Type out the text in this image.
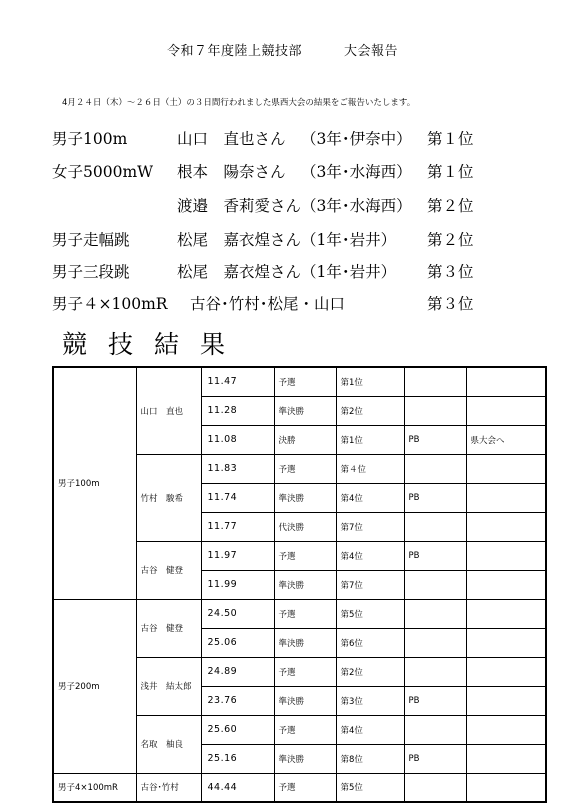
令和７年度陸上競技部	大会報告
4月２４日（木）～２６日（土）の３日間行われました県西大会の結果をご報告いたします。
男子100m	山口　直也さん （3年･伊奈中） 第１位
女子5000mW 根本　陽奈さん （3年･水海西） 第１位
渡邉　香莉愛さん （3年･水海西） 第２位
男子走幅跳	松尾　嘉衣煌さん （1年･岩井） 第２位
男子三段跳	松尾　嘉衣煌さん （1年･岩井） 第３位
男子４×100mR 古谷･竹村･松尾・山口	第３位
競技結果
男子100m	山口　直也	11.47	予選	第1位		
		11.28	準決勝	第2位		
		11.08	決勝	第1位	PB	県大会へ
	竹村　駿希	11.83	予選	第４位		
		11.74	準決勝	第4位	PB	
		11.77	代決勝	第7位		
	古谷　健登	11.97	予選	第4位	PB	
		11.99	準決勝	第7位		
男子200m	古谷　健登	24.50	予選	第5位		
		25.06	準決勝	第6位		
	浅井　結太郎	24.89	予選	第2位		
		23.76	準決勝	第3位	PB	
	名取　柚良	25.60	予選	第4位		
		25.16	準決勝	第8位	PB	
男子4×100mR	古谷･竹村	44.44	予選	第5位		
